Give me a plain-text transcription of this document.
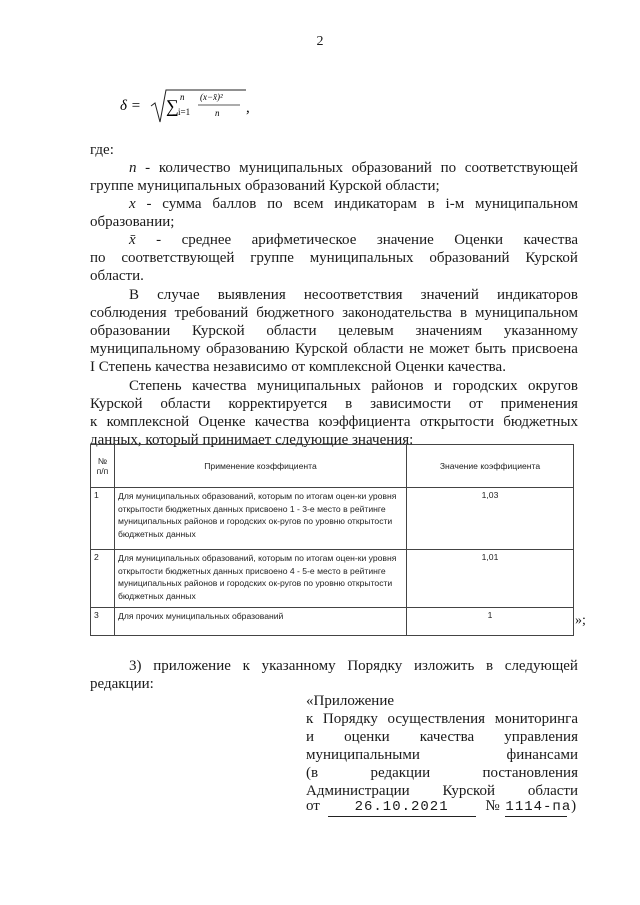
2
δ = ∑ n
i=1
(x−x̄)²
n ,
где:
n - количество муниципальных образований по соответствующей
группе муниципальных образований Курской области;
x - сумма баллов по всем индикаторам в i-м муниципальном
образовании;
x̄ - среднее арифметическое значение Оценки качества
по соответствующей группе муниципальных образований Курской
области.
В случае выявления несоответствия значений индикаторов
соблюдения требований бюджетного законодательства в муниципальном
образовании Курской области целевым значениям указанному
муниципальному образованию Курской области не может быть присвоена
I Степень качества независимо от комплексной Оценки качества.
Степень качества муниципальных районов и городских округов
Курской области корректируется в зависимости от применения
к комплексной Оценке качества коэффициента открытости бюджетных
данных, который принимает следующие значения:
№ п/п	Применение коэффициента	Значение коэффициента
1	Для муниципальных образований, которым по итогам оцен-ки уровня открытости бюджетных данных присвоено 1 - 3-е место в рейтинге муниципальных районов и городских ок-ругов по уровню открытости бюджетных данных	1,03
2	Для муниципальных образований, которым по итогам оцен-ки уровня открытости бюджетных данных присвоено 4 - 5-е место в рейтинге муниципальных районов и городских ок-ругов по уровню открытости бюджетных данных	1,01
3	Для прочих муниципальных образований	1	»;
3) приложение к указанному Порядку изложить в следующей
редакции:
«Приложение
к Порядку осуществления мониторинга
и оценки качества управления
муниципальными	финансами
(в	редакции	постановления
Администрации Курской области
от 26.10.2021 № 1114-па )
